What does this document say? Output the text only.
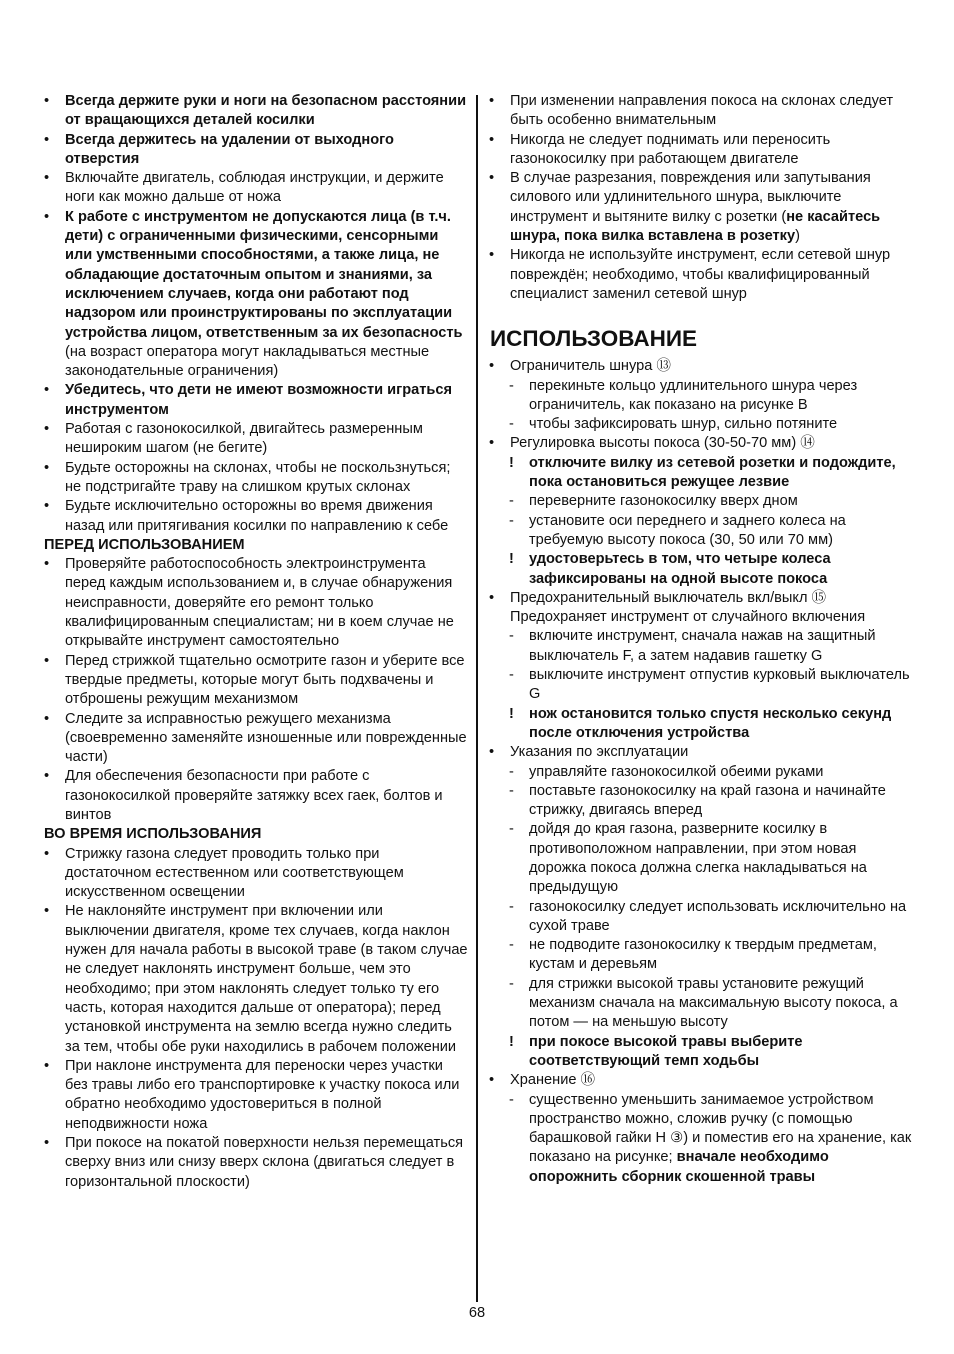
• Всегда держите руки и ноги на безопасном расстоянии от вращающихся деталей косилки
• Всегда держитесь на удалении от выходного отверстия
• Включайте двигатель, соблюдая инструкции, и держите ноги как можно дальше от ножа
• К работе с инструментом не допускаются лица (в т.ч. дети) с ограниченными физическими, сенсорными или умственными способностями, а также лица, не обладающие достаточным опытом и знаниями, за исключением случаев, когда они работают под надзором или проинструктированы по эксплуатации устройства лицом, ответственным за их безопасность (на возраст оператора могут накладываться местные законодательные ограничения)
• Убедитесь, что дети не имеют возможности играться инструментом
• Работая с газонокосилкой, двигайтесь размеренным нешироким шагом (не бегите)
• Будьте осторожны на склонах, чтобы не поскользнуться; не подстригайте траву на слишком крутых склонах
• Будьте исключительно осторожны во время движения назад или притягивания косилки по направлению к себе
ПЕРЕД ИСПОЛЬЗОВАНИЕМ
• Проверяйте работоспособность электроинструмента перед каждым использованием и, в случае обнаружения неисправности, доверяйте его ремонт только квалифицированным специалистам; ни в коем случае не открывайте инструмент самостоятельно
• Перед стрижкой тщательно осмотрите газон и уберите все твердые предметы, которые могут быть подхвачены и отброшены режущим механизмом
• Следите за исправностью режущего механизма (своевременно заменяйте изношенные или поврежденные части)
• Для обеспечения безопасности при работе с газонокосилкой проверяйте затяжку всех гаек, болтов и винтов
ВО ВРЕМЯ ИСПОЛЬЗОВАНИЯ
• Стрижку газона следует проводить только при достаточном естественном или соответствующем искусственном освещении
• Не наклоняйте инструмент при включении или выключении двигателя, кроме тех случаев, когда наклон нужен для начала работы в высокой траве (в таком случае не следует наклонять инструмент больше, чем это необходимо; при этом наклонять следует только ту его часть, которая находится дальше от оператора); перед установкой инструмента на землю всегда нужно следить за тем, чтобы обе руки находились в рабочем положении
• При наклоне инструмента для переноски через участки без травы либо его транспортировке к участку покоса или обратно необходимо удостовериться в полной неподвижности ножа
• При покосе на покатой поверхности нельзя перемещаться сверху вниз или снизу вверх склона (двигаться следует в горизонтальной плоскости)
• При изменении направления покоса на склонах следует быть особенно внимательным
• Никогда не следует поднимать или переносить газонокосилку при работающем двигателе
• В случае разрезания, повреждения или запутывания силового или удлинительного шнура, выключите инструмент и вытяните вилку с розетки (не касайтесь шнура, пока вилка вставлена в розетку)
• Никогда не используйте инструмент, если сетевой шнур повреждён; необходимо, чтобы квалифицированный специалист заменил сетевой шнур
ИСПОЛЬЗОВАНИЕ
• Ограничитель шнура ⑬
- перекиньте кольцо удлинительного шнура через ограничитель, как показано на рисунке B
- чтобы зафиксировать шнур, сильно потяните
• Регулировка высоты покоса (30-50-70 мм) ⑭
! отключите вилку из сетевой розетки и подождите, пока остановиться режущее лезвие
- переверните газонокосилку вверх дном
- установите оси переднего и заднего колеса на требуемую высоту покоса (30, 50 или 70 мм)
! удостоверьтесь в том, что четыре колеса зафиксированы на одной высоте покоса
• Предохранительный выключатель вкл/выкл ⑮
Предохраняет инструмент от случайного включения
- включите инструмент, сначала нажав на защитный выключатель F, а затем надавив гашетку G
- выключите инструмент отпустив курковый выключатель G
! нож остановится только спустя несколько секунд после отключения устройства
• Указания по эксплуатации
- управляйте газонокосилкой обеими руками
- поставьте газонокосилку на край газона и начинайте стрижку, двигаясь вперед
- дойдя до края газона, разверните косилку в противоположном направлении, при этом новая дорожка покоса должна слегка накладываться на предыдущую
- газонокосилку следует использовать исключительно на сухой траве
- не подводите газонокосилку к твердым предметам, кустам и деревьям
- для стрижки высокой травы установите режущий механизм сначала на максимальную высоту покоса, а потом — на меньшую высоту
! при покосе высокой травы выберите соответствующий темп ходьбы
• Хранение ⑯
- существенно уменьшить занимаемое устройством пространство можно, сложив ручку (с помощью барашковой гайки H ③) и поместив его на хранение, как показано на рисунке; вначале необходимо опорожнить сборник скошенной травы
68
